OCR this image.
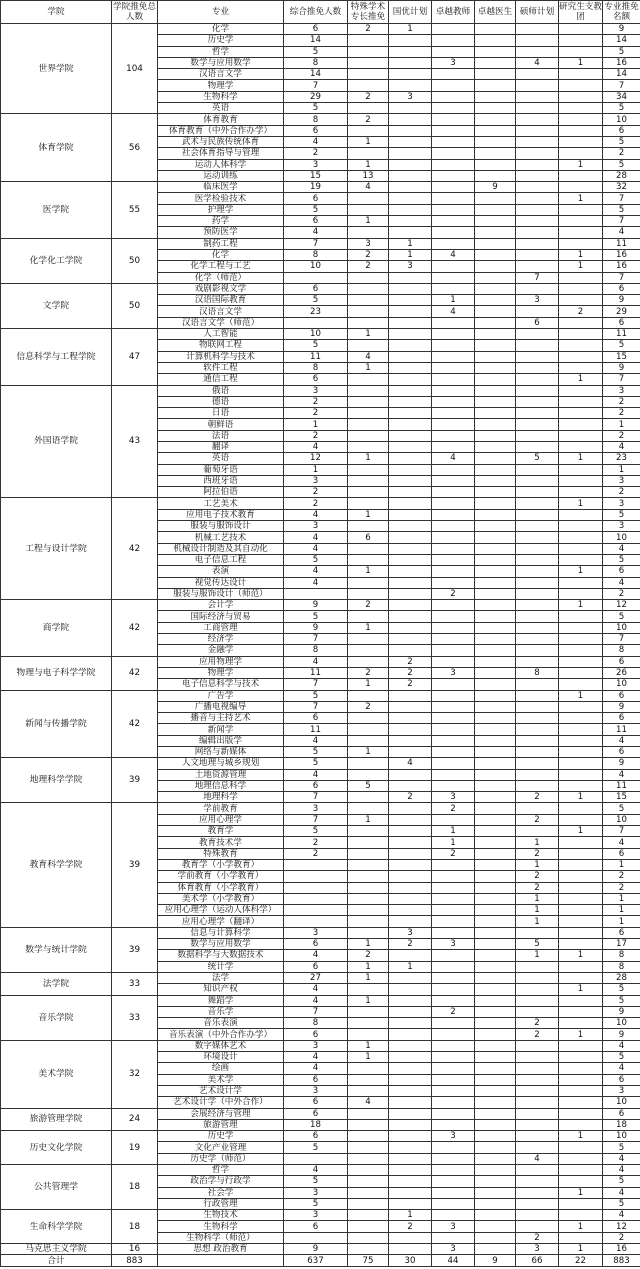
学院	学院推免总人数	专业	综合推免人数	特殊学术专长推免	国优计划	卓越教师	卓越医生	硕师计划	研究生支教团	专业推免名额
世界学院	104	化学	6	2	1					9
		历史学	14							14
		哲学	5							5
		数学与应用数学	8			3		4	1	16
		汉语言文学	14							14
		物理学	7							7
		生物科学	29	2	3					34
		英语	5							5
体育学院	56	体育教育	8	2						10
		体育教育（中外合作办学）	6							6
		武术与民族传统体育	4	1						5
		社会体育指导与管理	2							2
		运动人体科学	3	1					1	5
		运动训练	15	13						28
医学院	55	临床医学	19	4			9			32
		医学检验技术	6						1	7
		护理学	5							5
		药学	6	1						7
		预防医学	4							4
化学化工学院	50	制药工程	7	3	1					11
		化学	8	2	1	4			1	16
		化学工程与工艺	10	2	3				1	16
		化学（师范）						7		7
文学院	50	戏剧影视文学	6							6
		汉语国际教育	5			1		3		9
		汉语言文学	23			4			2	29
		汉语言文学（师范）						6		6
信息科学与工程学院	47	人工智能	10	1						11
		物联网工程	5							5
		计算机科学与技术	11	4						15
		软件工程	8	1						9
		通信工程	6						1	7
外国语学院	43	俄语	3							3
		德语	2							2
		日语	2							2
		朝鲜语	1							1
		法语	2							2
		翻译	4							4
		英语	12	1		4		5	1	23
		葡萄牙语	1							1
		西班牙语	3							3
		阿拉伯语	2							2
工程与设计学院	42	工艺美术	2						1	3
		应用电子技术教育	4	1						5
		服装与服饰设计	3							3
		机械工艺技术	4	6						10
		机械设计制造及其自动化	4							4
		电子信息工程	5							5
		表演	4	1					1	6
		视觉传达设计	4							4
		服装与服饰设计（师范）				2				2
商学院	42	会计学	9	2					1	12
		国际经济与贸易	5							5
		工商管理	9	1						10
		经济学	7							7
		金融学	8							8
物理与电子科学学院	42	应用物理学	4		2					6
		物理学	11	2	2	3		8		26
		电子信息科学与技术	7	1	2					10
新闻与传播学院	42	广告学	5						1	6
		广播电视编导	7	2						9
		播音与主持艺术	6							6
		新闻学	11							11
		编辑出版学	4							4
		网络与新媒体	5	1						6
地理科学学院	39	人文地理与城乡规划	5		4					9
		土地资源管理	4							4
		地理信息科学	6	5						11
		地理科学	7		2	3		2	1	15
教育科学学院	39	学前教育	3			2				5
		应用心理学	7	1				2		10
		教育学	5			1			1	7
		教育技术学	2			1		1		4
		特殊教育	2			2		2		6
		教育学（小学教育）						1		1
		学前教育（小学教育）						2		2
		体育教育（小学教育）						2		2
		美术学（小学教育）						1		1
		应用心理学（运动人体科学）						1		1
		应用心理学（翻译）						1		1
数学与统计学院	39	信息与计算科学	3		3					6
		数学与应用数学	6	1	2	3		5		17
		数据科学与大数据技术	4	2				1	1	8
		统计学	6	1	1					8
法学院	33	法学	27	1						28
		知识产权	4						1	5
音乐学院	33	舞蹈学	4	1						5
		音乐学	7			2				9
		音乐表演	8					2		10
		音乐表演（中外合作办学）	6					2	1	9
美术学院	32	数字媒体艺术	3	1						4
		环境设计	4	1						5
		绘画	4							4
		美术学	6							6
		艺术设计学	3							3
		艺术设计学（中外合作）	6	4						10
旅游管理学院	24	会展经济与管理	6							6
		旅游管理	18							18
历史文化学院	19	历史学	6			3			1	10
		文化产业管理	5							5
		历史学（师范）						4		4
公共管理学	18	哲学	4							4
		政治学与行政学	5							5
		社会学	3						1	4
		行政管理	5							5
生命科学学院	18	生物技术	3		1					4
		生物科学	6		2	3			1	12
		生物科学（师范）						2		2
马克思主义学院	16	思想 政治教育	9			3		3	1	16
合计	883		637	75	30	44	9	66	22	883
